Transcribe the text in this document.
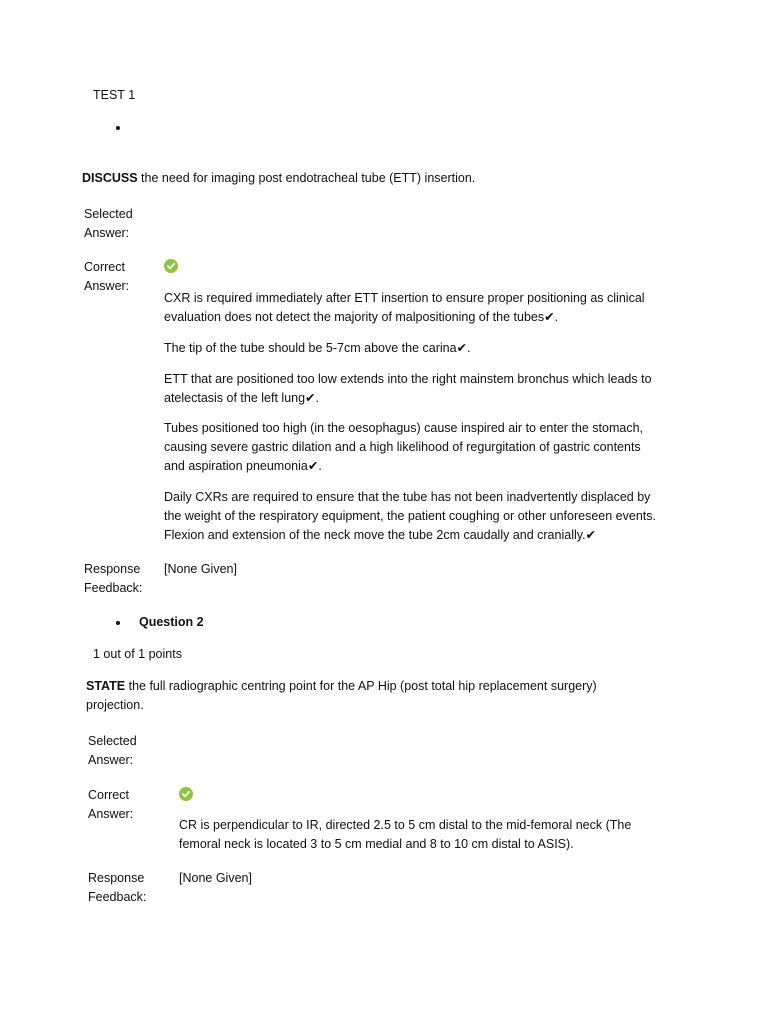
TEST 1
DISCUSS the need for imaging post endotracheal tube (ETT) insertion.
Selected Answer:
Correct Answer:
CXR is required immediately after ETT insertion to ensure proper positioning as clinical evaluation does not detect the majority of malpositioning of the tubes✔.
The tip of the tube should be 5-7cm above the carina✔.
ETT that are positioned too low extends into the right mainstem bronchus which leads to atelectasis of the left lung✔.
Tubes positioned too high (in the oesophagus) cause inspired air to enter the stomach, causing severe gastric dilation and a high likelihood of regurgitation of gastric contents and aspiration pneumonia✔.
Daily CXRs are required to ensure that the tube has not been inadvertently displaced by the weight of the respiratory equipment, the patient coughing or other unforeseen events. Flexion and extension of the neck move the tube 2cm caudally and cranially.✔
Response Feedback:
[None Given]
Question 2
1 out of 1 points
STATE the full radiographic centring point for the AP Hip (post total hip replacement surgery) projection.
Selected Answer:
Correct Answer:
CR is perpendicular to IR, directed 2.5 to 5 cm distal to the mid-femoral neck (The femoral neck is located 3 to 5 cm medial and 8 to 10 cm distal to ASIS).
Response Feedback:
[None Given]
